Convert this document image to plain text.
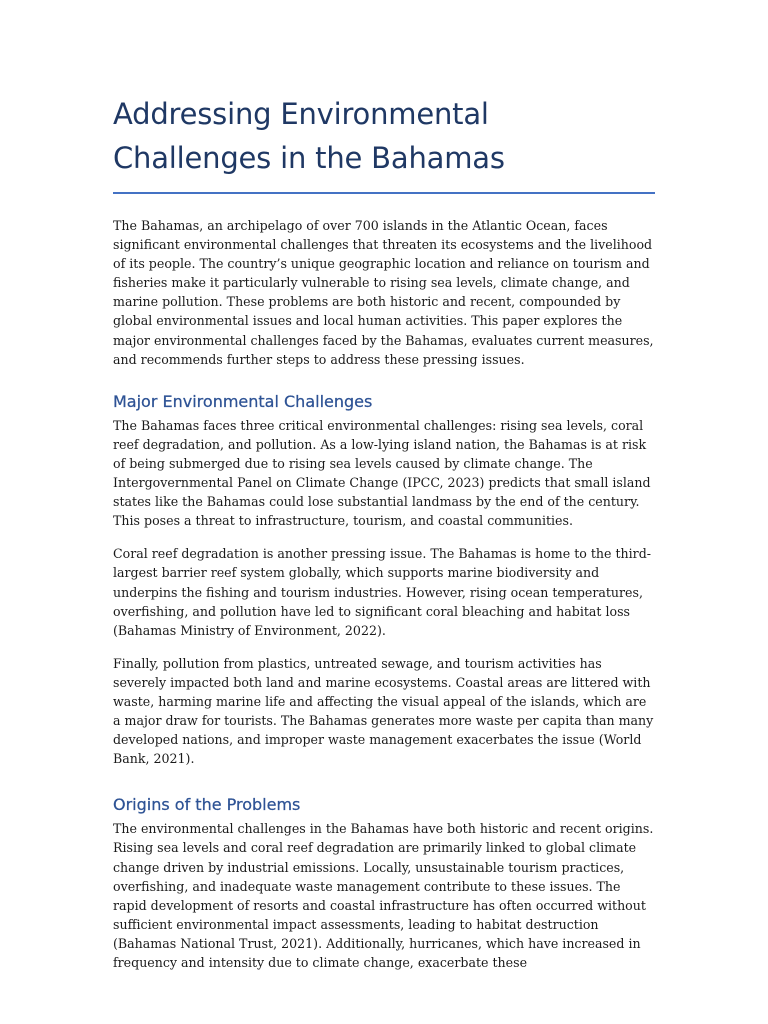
Addressing Environmental Challenges in the Bahamas

The Bahamas, an archipelago of over 700 islands in the Atlantic Ocean, faces significant environmental challenges that threaten its ecosystems and the livelihood of its people. The country’s unique geographic location and reliance on tourism and fisheries make it particularly vulnerable to rising sea levels, climate change, and marine pollution. These problems are both historic and recent, compounded by global environmental issues and local human activities. This paper explores the major environmental challenges faced by the Bahamas, evaluates current measures, and recommends further steps to address these pressing issues.

Major Environmental Challenges

The Bahamas faces three critical environmental challenges: rising sea levels, coral reef degradation, and pollution. As a low-lying island nation, the Bahamas is at risk of being submerged due to rising sea levels caused by climate change. The Intergovernmental Panel on Climate Change (IPCC, 2023) predicts that small island states like the Bahamas could lose substantial landmass by the end of the century. This poses a threat to infrastructure, tourism, and coastal communities.

Coral reef degradation is another pressing issue. The Bahamas is home to the third-largest barrier reef system globally, which supports marine biodiversity and underpins the fishing and tourism industries. However, rising ocean temperatures, overfishing, and pollution have led to significant coral bleaching and habitat loss (Bahamas Ministry of Environment, 2022).

Finally, pollution from plastics, untreated sewage, and tourism activities has severely impacted both land and marine ecosystems. Coastal areas are littered with waste, harming marine life and affecting the visual appeal of the islands, which are a major draw for tourists. The Bahamas generates more waste per capita than many developed nations, and improper waste management exacerbates the issue (World Bank, 2021).

Origins of the Problems

The environmental challenges in the Bahamas have both historic and recent origins. Rising sea levels and coral reef degradation are primarily linked to global climate change driven by industrial emissions. Locally, unsustainable tourism practices, overfishing, and inadequate waste management contribute to these issues. The rapid development of resorts and coastal infrastructure has often occurred without sufficient environmental impact assessments, leading to habitat destruction (Bahamas National Trust, 2021). Additionally, hurricanes, which have increased in frequency and intensity due to climate change, exacerbate these
